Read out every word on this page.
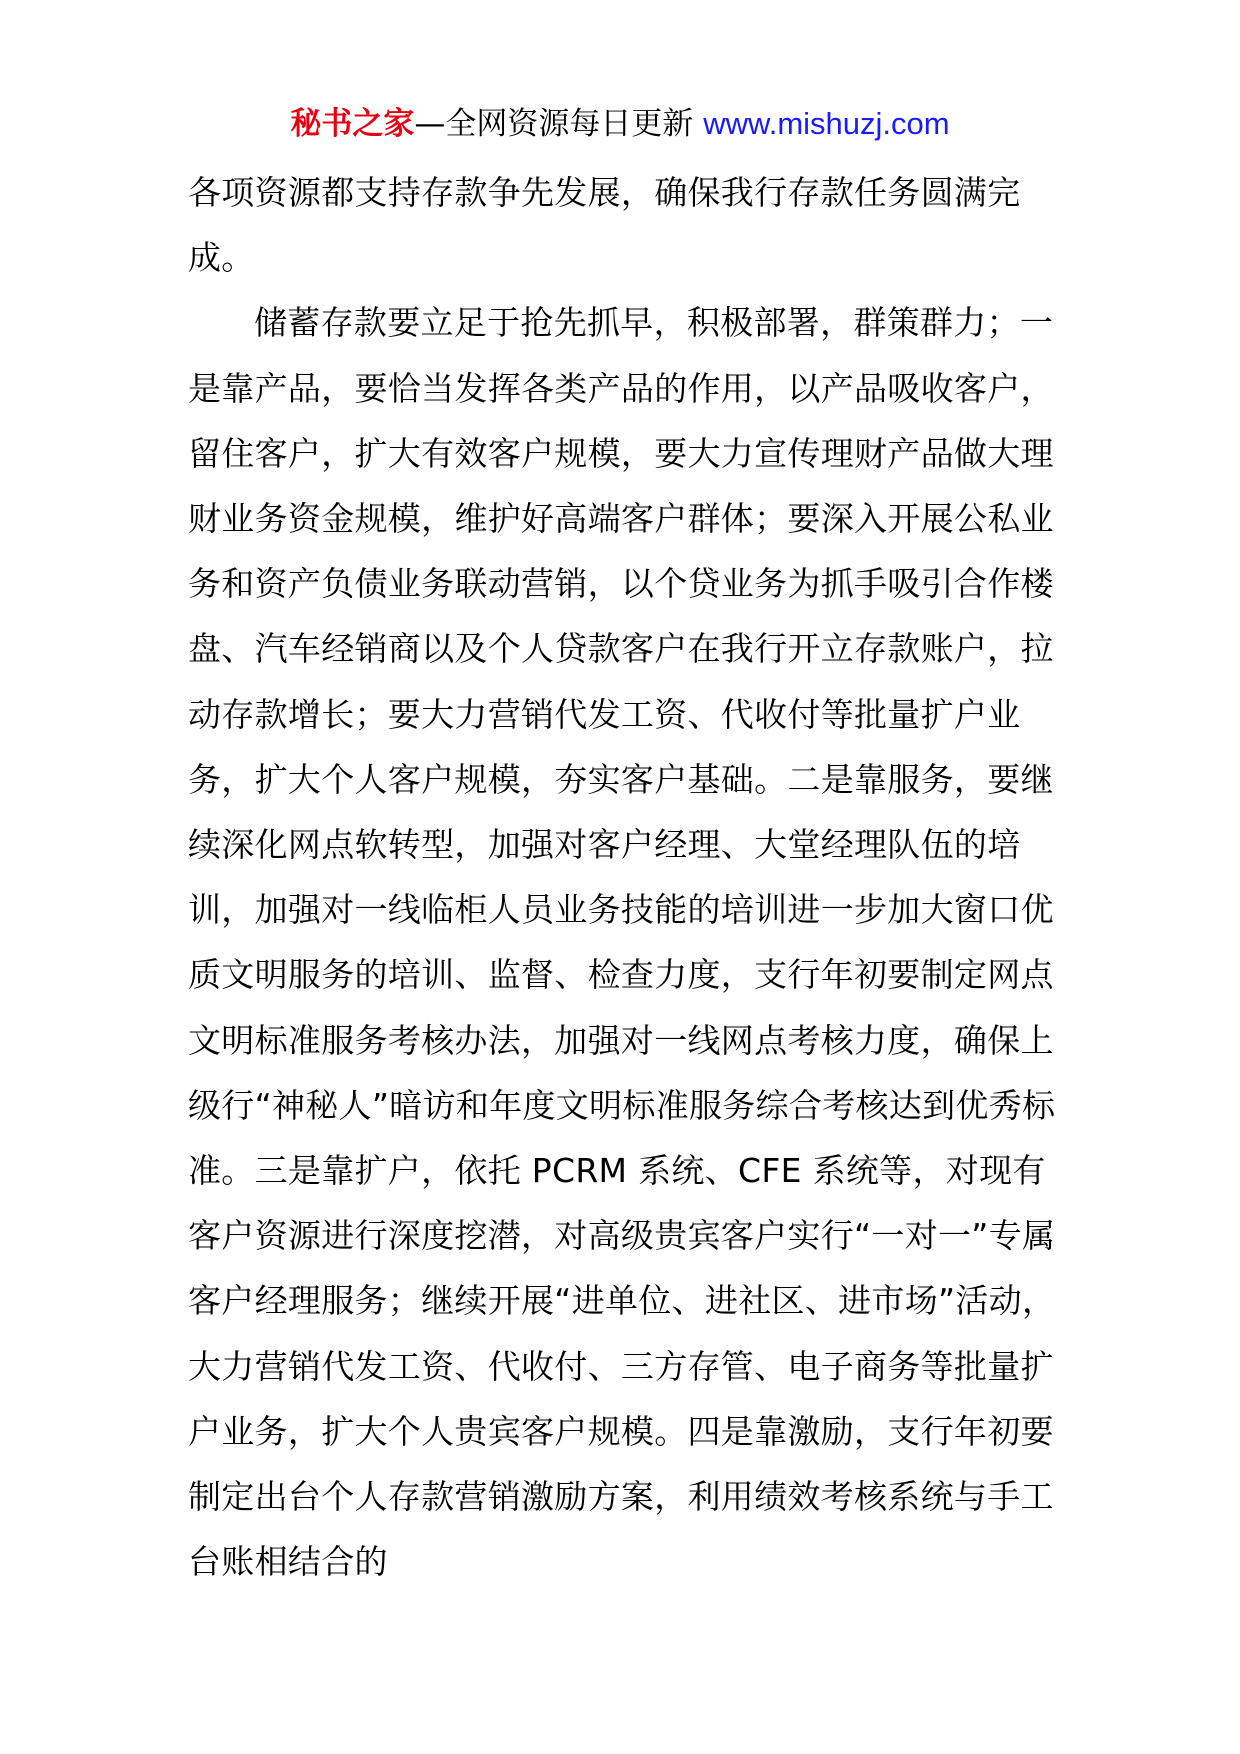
秘书之家—全网资源每日更新 www.mishuzj.com

各项资源都支持存款争先发展，确保我行存款任务圆满完成。

储蓄存款要立足于抢先抓早，积极部署，群策群力；一是靠产品，要恰当发挥各类产品的作用，以产品吸收客户，留住客户，扩大有效客户规模，要大力宣传理财产品做大理财业务资金规模，维护好高端客户群体；要深入开展公私业务和资产负债业务联动营销，以个贷业务为抓手吸引合作楼盘、汽车经销商以及个人贷款客户在我行开立存款账户，拉动存款增长；要大力营销代发工资、代收付等批量扩户业务，扩大个人客户规模，夯实客户基础。二是靠服务，要继续深化网点软转型，加强对客户经理、大堂经理队伍的培训，加强对一线临柜人员业务技能的培训进一步加大窗口优质文明服务的培训、监督、检查力度，支行年初要制定网点文明标准服务考核办法，加强对一线网点考核力度，确保上级行“神秘人”暗访和年度文明标准服务综合考核达到优秀标准。三是靠扩户，依托 PCRM 系统、CFE 系统等，对现有客户资源进行深度挖潜，对高级贵宾客户实行“一对一”专属客户经理服务；继续开展“进单位、进社区、进市场”活动，大力营销代发工资、代收付、三方存管、电子商务等批量扩户业务，扩大个人贵宾客户规模。四是靠激励，支行年初要制定出台个人存款营销激励方案，利用绩效考核系统与手工台账相结合的
